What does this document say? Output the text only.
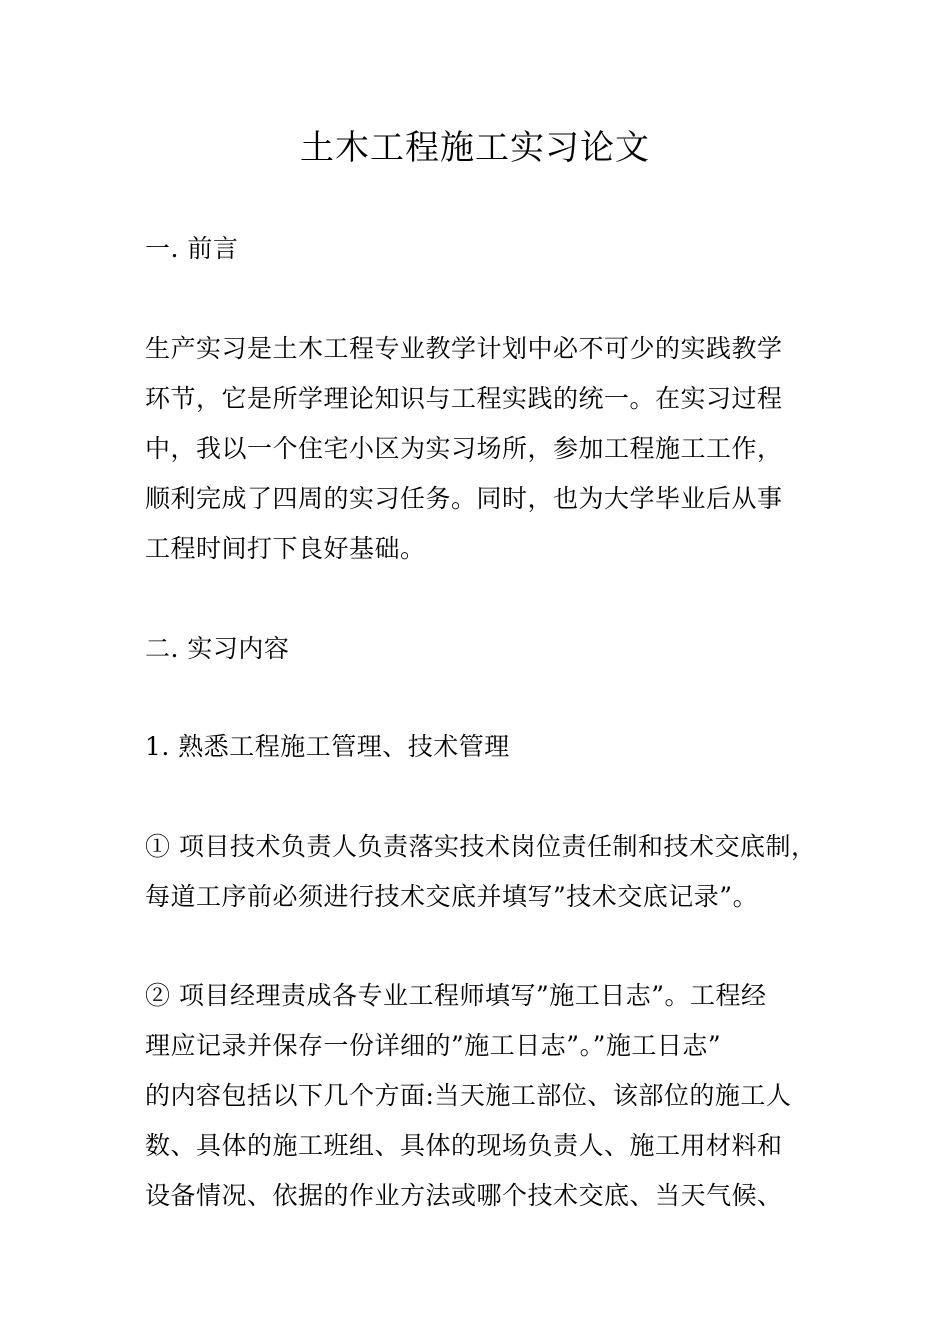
土木工程施工实习论文
一. 前言
生产实习是土木工程专业教学计划中必不可少的实践教学
环节，它是所学理论知识与工程实践的统一。在实习过程
中，我以一个住宅小区为实习场所，参加工程施工工作，
顺利完成了四周的实习任务。同时，也为大学毕业后从事
工程时间打下良好基础。
二. 实习内容
1. 熟悉工程施工管理、技术管理
① 项目技术负责人负责落实技术岗位责任制和技术交底制，
每道工序前必须进行技术交底并填写”技术交底记录”。
② 项目经理责成各专业工程师填写”施工日志”。工程经
理应记录并保存一份详细的”施工日志”。”施工日志”
的内容包括以下几个方面:当天施工部位、该部位的施工人
数、具体的施工班组、具体的现场负责人、施工用材料和
设备情况、依据的作业方法或哪个技术交底、当天气候、
